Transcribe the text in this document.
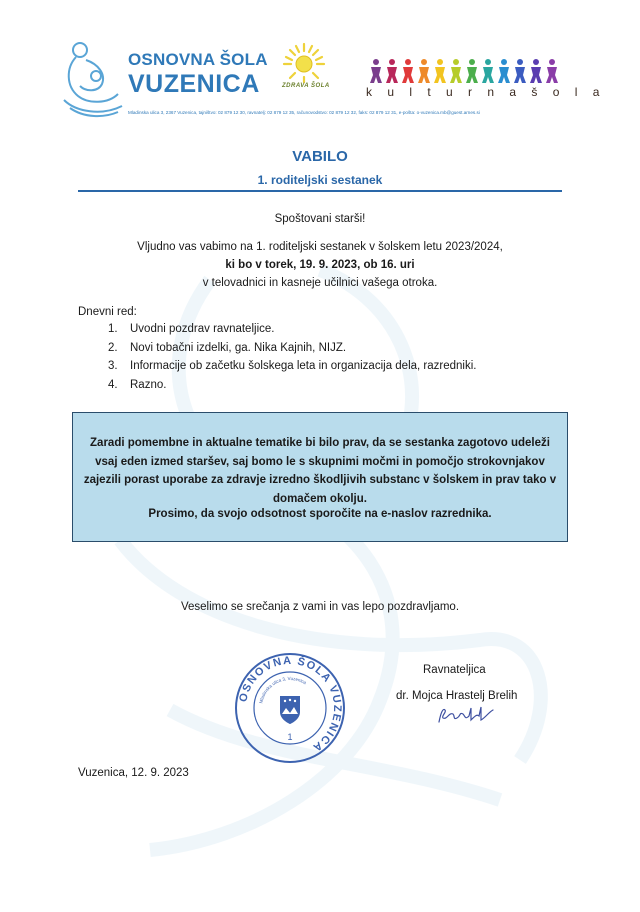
OSNOVNA ŠOLA
VUZENICA	ZDRAVA ŠOLA	k u l t u r n a š o l a
Mladinska ulica 3, 2367 Vuzenica, tajništvo: 02 879 12 30, ravnatelj: 02 879 12 35, računovodstvo: 02 879 12 32, faks: 02 879 12 31, e-pošta: o-vuzenica.mb@guest.arnes.si
VABILO
1. roditeljski sestanek
Spoštovani starši!
Vljudno vas vabimo na 1. roditeljski sestanek v šolskem letu 2023/2024,
ki bo v torek, 19. 9. 2023, ob 16. uri
v telovadnici in kasneje učilnici vašega otroka.
Dnevni red:
1.	Uvodni pozdrav ravnateljice.
2.	Novi tobačni izdelki, ga. Nika Kajnih, NIJZ.
3.	Informacije ob začetku šolskega leta in organizacija dela, razredniki.
4.	Razno.
Zaradi pomembne in aktualne tematike bi bilo prav, da se sestanka zagotovo udeleži vsaj eden izmed staršev, saj bomo le s skupnimi močmi in pomočjo strokovnjakov zajezili porast uporabe za zdravje izredno škodljivih substanc v šolskem in prav tako v domačem okolju.
Prosimo, da svojo odsotnost sporočite na e-naslov razrednika.
Veselimo se srečanja z vami in vas lepo pozdravljamo.
OSNOVNA ŠOLA VUZENICA
Mladinska ulica 3, Vuzenica
1
Ravnateljica
dr. Mojca Hrastelj Brelih
Vuzenica, 12. 9. 2023
